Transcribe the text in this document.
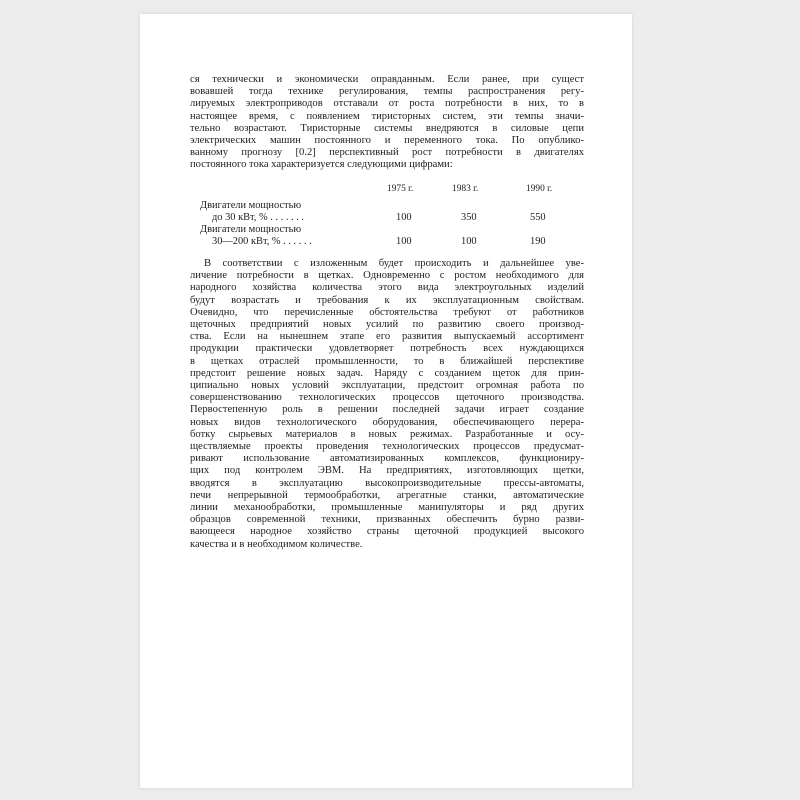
ся технически и экономически оправданным. Если ранее, при сущест
вовавшей тогда технике регулирования, темпы распространения регу-
лируемых электроприводов отставали от роста потребности в них, то в
настоящее время, с появлением тиристорных систем, эти темпы значи-
тельно возрастают. Тиристорные системы внедряются в силовые цепи
электрических машин постоянного и переменного тока. По опублико-
ванному прогнозу [0.2] перспективный рост потребности в двигателях
постоянного тока характеризуется следующими цифрами:
1975 г.	1983 г.	1990 г.
Двигатели мощностью
до 30 кВт, % . . . . . . .	100	350	550
Двигатели мощностью
30—200 кВт, % . . . . . .	100	100	190
В соответствии с изложенным будет происходить и дальнейшее уве-
личение потребности в щетках. Одновременно с ростом необходимого для
народного хозяйства количества этого вида электроугольных изделий
будут возрастать и требования к их эксплуатационным свойствам.
Очевидно, что перечисленные обстоятельства требуют от работников
щеточных предприятий новых усилий по развитию своего производ-
ства. Если на нынешнем этапе его развития выпускаемый ассортимент
продукции практически удовлетворяет потребность всех нуждающихся
в щетках отраслей промышленности, то в ближайшей перспективе
предстоит решение новых задач. Наряду с созданием щеток для прин-
ципиально новых условий эксплуатации, предстоит огромная работа по
совершенствованию технологических процессов щеточного производства.
Первостепенную роль в решении последней задачи играет создание
новых видов технологического оборудования, обеспечивающего перера-
ботку сырьевых материалов в новых режимах. Разработанные и осу-
ществляемые проекты проведения технологических процессов предусмат-
ривают использование автоматизированных комплексов, функциониру-
щих под контролем ЭВМ. На предприятиях, изготовляющих щетки,
вводятся в эксплуатацию высокопроизводительные прессы-автоматы,
печи непрерывной термообработки, агрегатные станки, автоматические
линии механообработки, промышленные манипуляторы и ряд других
образцов современной техники, призванных обеспечить бурно разви-
вающееся народное хозяйство страны щеточной продукцией высокого
качества и в необходимом количестве.
